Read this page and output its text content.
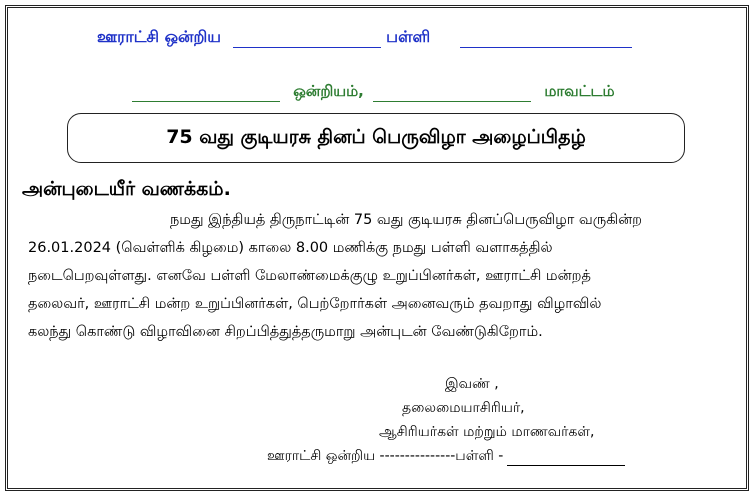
ஊராட்சி ஒன்றிய	பள்ளி
ஒன்றியம்,	மாவட்டம்
75 வது குடியரசு தினப் பெருவிழா அழைப்பிதழ்
அன்புடையீர் வணக்கம்.
நமது இந்தியத் திருநாட்டின் 75 வது குடியரசு தினப்பெருவிழா வருகின்ற
26.01.2024 (வெள்ளிக் கிழமை) காலை 8.00 மணிக்கு நமது பள்ளி வளாகத்தில்
நடைபெறவுள்ளது. எனவே பள்ளி மேலாண்மைக்குழு உறுப்பினர்கள், ஊராட்சி மன்றத்
தலைவர், ஊராட்சி மன்ற உறுப்பினர்கள், பெற்றோர்கள் அனைவரும் தவறாது விழாவில்
கலந்து கொண்டு விழாவினை சிறப்பித்துத்தருமாறு அன்புடன் வேண்டுகிறோம்.
இவண் ,
தலைமையாசிரியர்,
ஆசிரியர்கள் மற்றும் மாணவர்கள்,
ஊராட்சி ஒன்றிய ---------------பள்ளி -
